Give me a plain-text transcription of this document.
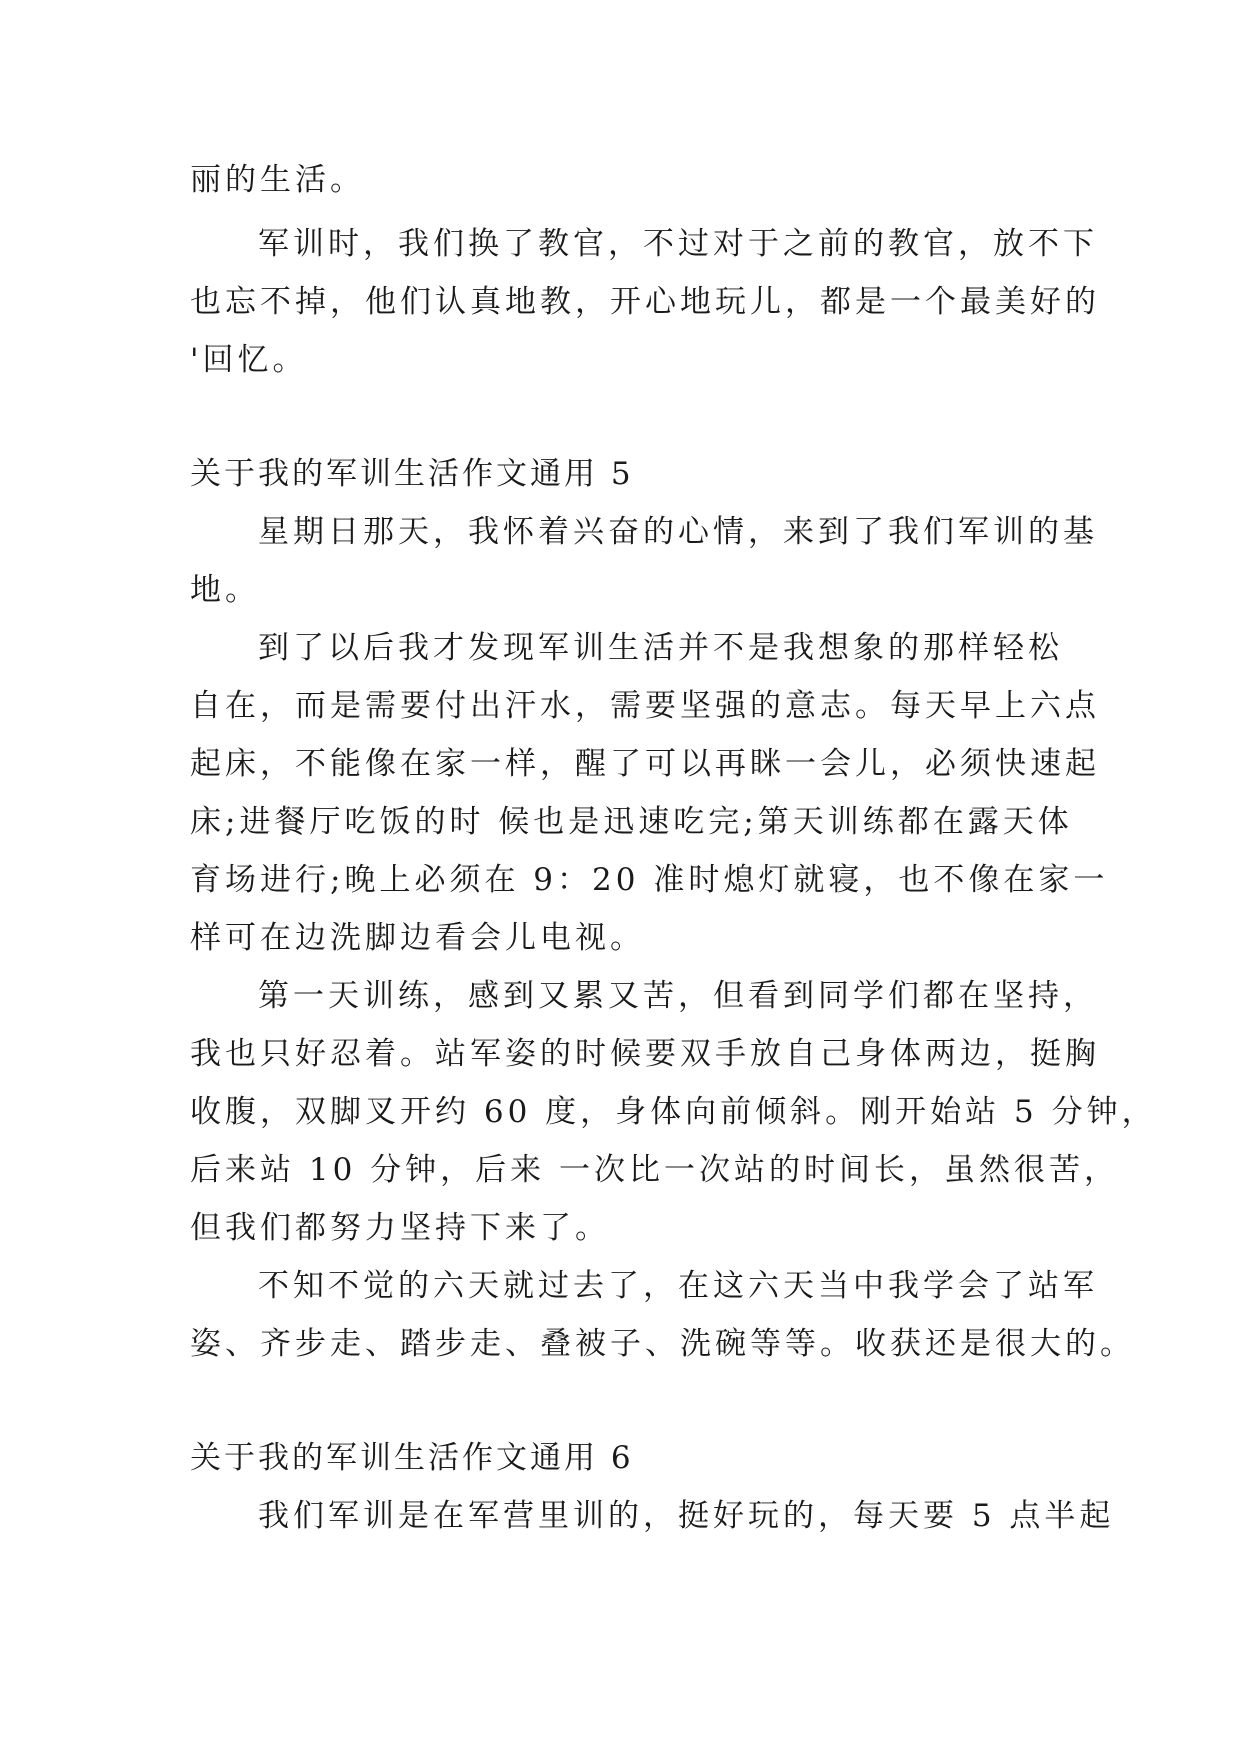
丽的生活。
军训时，我们换了教官，不过对于之前的教官，放不下
也忘不掉，他们认真地教，开心地玩儿，都是一个最美好的
'回忆。
关于我的军训生活作文通用 5
星期日那天，我怀着兴奋的心情，来到了我们军训的基
地。
到了以后我才发现军训生活并不是我想象的那样轻松
自在，而是需要付出汗水，需要坚强的意志。每天早上六点
起床，不能像在家一样，醒了可以再眯一会儿，必须快速起
床;进餐厅吃饭的时 候也是迅速吃完;第天训练都在露天体
育场进行;晚上必须在 9：20 准时熄灯就寝，也不像在家一
样可在边洗脚边看会儿电视。
第一天训练，感到又累又苦，但看到同学们都在坚持，
我也只好忍着。站军姿的时候要双手放自己身体两边，挺胸
收腹，双脚叉开约 60 度，身体向前倾斜。刚开始站 5 分钟，
后来站 10 分钟，后来 一次比一次站的时间长，虽然很苦，
但我们都努力坚持下来了。
不知不觉的六天就过去了，在这六天当中我学会了站军
姿、齐步走、踏步走、叠被子、洗碗等等。收获还是很大的。
关于我的军训生活作文通用 6
我们军训是在军营里训的，挺好玩的，每天要 5 点半起
